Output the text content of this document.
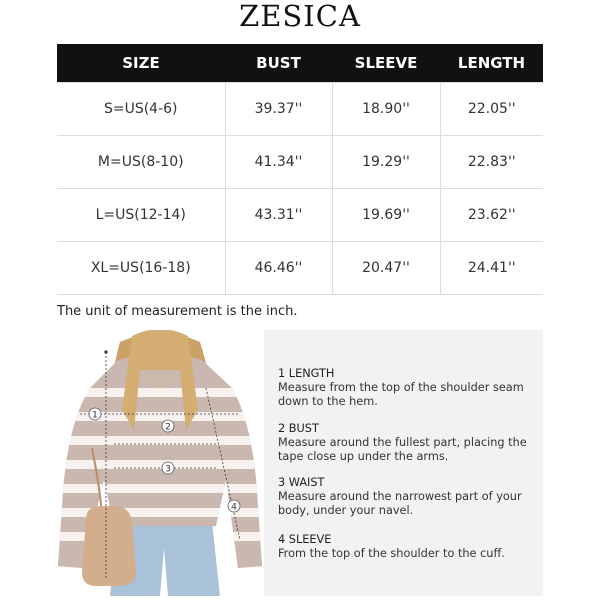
ZESICA
SIZE	BUST	SLEEVE	LENGTH
S=US(4-6)	39.37''	18.90''	22.05''
M=US(8-10)	41.34''	19.29''	22.83''
L=US(12-14)	43.31''	19.69''	23.62''
XL=US(16-18)	46.46''	20.47''	24.41''
The unit of measurement is the inch.
1
2
3
4
1 LENGTH
Measure from the top of the shoulder seam down to the hem.
2 BUST
Measure around the fullest part, placing the tape close up under the arms.
3 WAIST
Measure around the narrowest part of your body, under your navel.
4 SLEEVE
From the top of the shoulder to the cuff.
